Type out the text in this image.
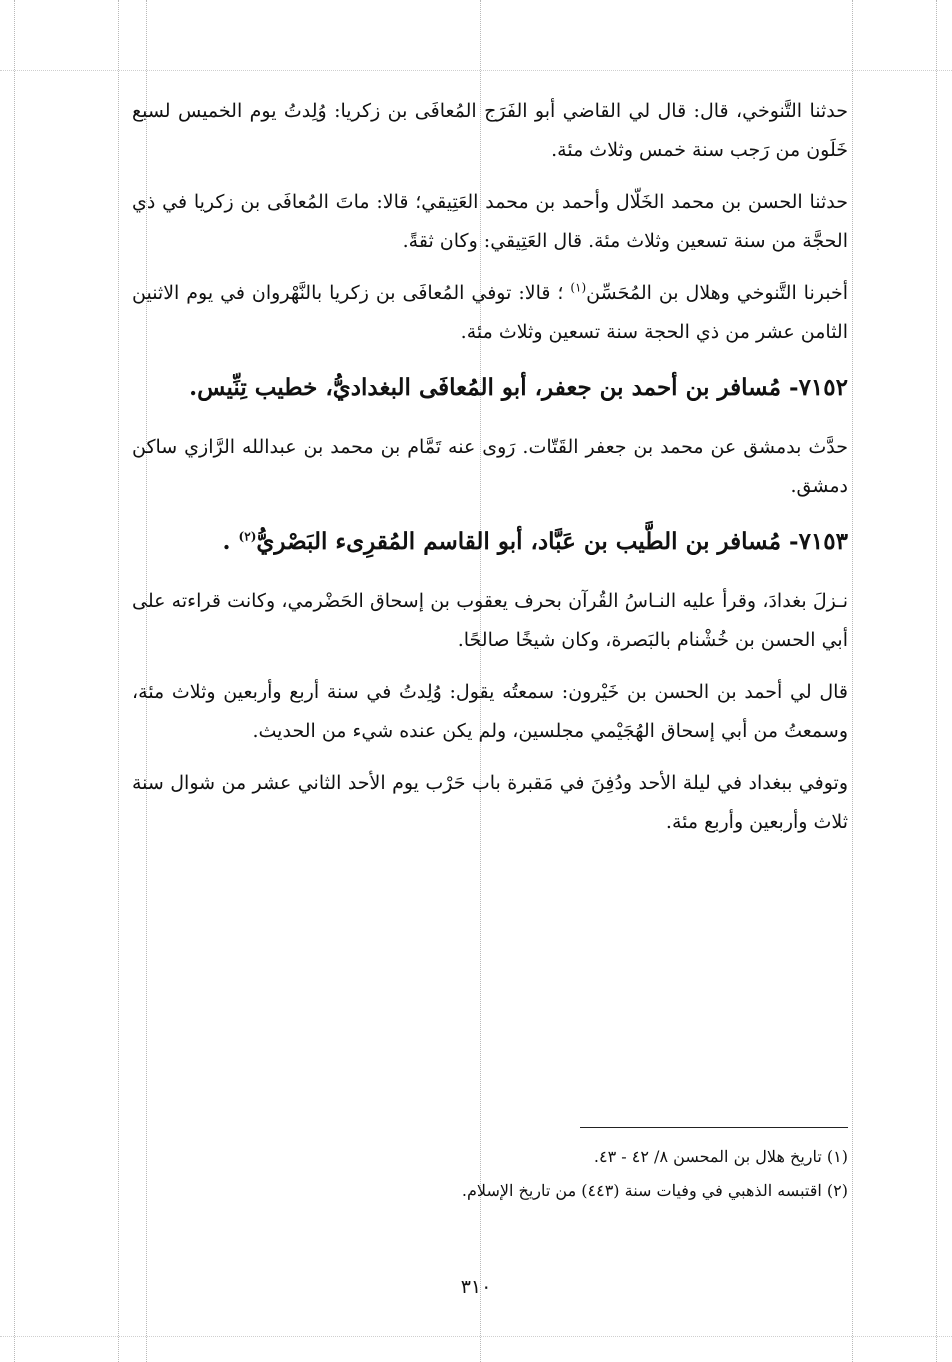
حدثنا التَّنوخي، قال: قال لي القاضي أبو الفَرَج المُعافَى بن زكريا: وُلِدتُ يوم الخميس لسبع خَلَون من رَجب سنة خمس وثلاث مئة.

حدثنا الحسن بن محمد الخَلّال وأحمد بن محمد العَتِيقي؛ قالا: ماتَ المُعافَى بن زكريا في ذي الحجَّة من سنة تسعين وثلاث مئة. قال العَتِيقي: وكان ثقةً.

أخبرنا التَّنوخي وهلال بن المُحَسِّن$^{(١)}$ ؛ قالا: توفي المُعافَى بن زكريا بالنَّهْروان في يوم الاثنين الثامن عشر من ذي الحجة سنة تسعين وثلاث مئة.

٧١٥٢- مُسافر بن أحمد بن جعفر، أبو المُعافَى البغداديُّ، خطيب تِنِّيس.

حدَّث بدمشق عن محمد بن جعفر القَتّات. رَوى عنه تَمَّام بن محمد بن عبدالله الرَّازي ساكن دمشق.

٧١٥٣- مُسافر بن الطَّيب بن عَبَّاد، أبو القاسم المُقرِىء البَصْريُّ$^{(٢)}$ .

نـزلَ بغدادَ، وقرأ عليه النـاسُ القُرآن بحرف يعقوب بن إسحاق الحَضْرمي، وكانت قراءته على أبي الحسن بن خُشْنام بالبَصرة، وكان شيخًا صالحًا.

قال لي أحمد بن الحسن بن خَيْرون: سمعتُه يقول: وُلِدتُ في سنة أربع وأربعين وثلاث مئة، وسمعتُ من أبي إسحاق الهُجَيْمي مجلسين، ولم يكن عنده شيء من الحديث.

وتوفي ببغداد في ليلة الأحد ودُفِنَ في مَقبرة باب حَرْب يوم الأحد الثاني عشر من شوال سنة ثلاث وأربعين وأربع مئة.

(١) تاريخ هلال بن المحسن ٨/ ٤٢ - ٤٣.
(٢) اقتبسه الذهبي في وفيات سنة (٤٤٣) من تاريخ الإسلام.
٣١٠
